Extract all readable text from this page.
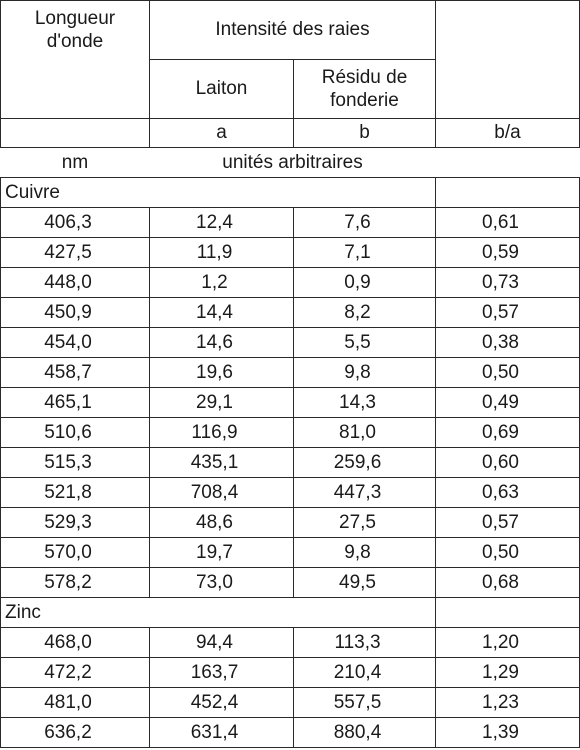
Longueur d'onde	Intensité des raies		
	Laiton	Résidu de fonderie	

	a	b	b/a
nm	unités arbitraires		
Cuivre			
406,3	12,4	7,6	0,61
427,5	11,9	7,1	0,59
448,0	1,2	0,9	0,73
450,9	14,4	8,2	0,57
454,0	14,6	5,5	0,38
458,7	19,6	9,8	0,50
465,1	29,1	14,3	0,49
510,6	116,9	81,0	0,69
515,3	435,1	259,6	0,60
521,8	708,4	447,3	0,63
529,3	48,6	27,5	0,57
570,0	19,7	9,8	0,50
578,2	73,0	49,5	0,68
Zinc			
468,0	94,4	113,3	1,20
472,2	163,7	210,4	1,29
481,0	452,4	557,5	1,23
636,2	631,4	880,4	1,39
